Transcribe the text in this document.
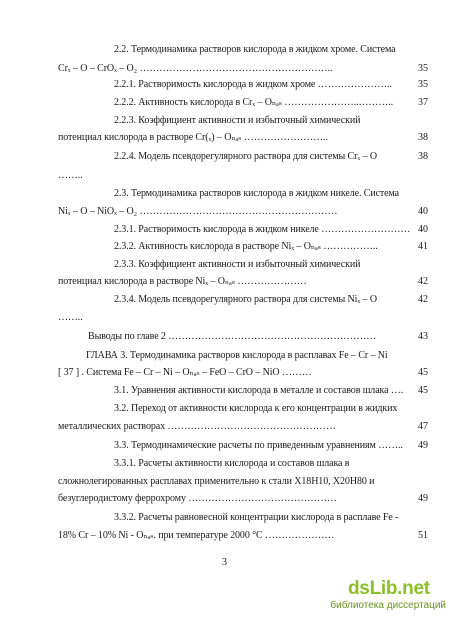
2.2. Термодинамика растворов кислорода в жидком хроме. Система
Crₓ – O – CrOₓ – O₂ …………………………………………………..	35
2.2.1. Растворимость кислорода в жидком хроме …………………..	35
2.2.2. Активность кислорода в Crₓ – Oₙₐₛ …………………..………..	37
2.2.3. Коэффициент активности и избыточный химический
потенциал кислорода в растворе Cr(ₓ) – Oₙₐₛ ……………………..	38
2.2.4. Модель псевдорегулярного раствора для системы Crₓ – O	38
……..
2.3. Термодинамика растворов кислорода в жидком никеле. Система
Niₓ – O – NiOₓ – O₂ ……………………………………………………	40
2.3.1. Растворимость кислорода в жидком никеле ……………………… 40
2.3.2. Активность кислорода в растворе Niₓ – Oₙₐₛ ……………..	41
2.3.3. Коэффициент активности и избыточный химический
потенциал кислорода в растворе Niₓ – Oₙₐₛ …………………	42
2.3.4. Модель псевдорегулярного раствора для системы Niₓ – O	42
……..
Выводы по главе 2 ………………………………………………………	43
ГЛАВА 3. Термодинамика растворов кислорода в расплавах Fe – Cr – Ni
[ 37 ] . Система Fe – Cr – Ni – Oₙₐₛ – FeO – CrO – NiO ………	45
3.1. Уравнения активности кислорода в металле и составов шлака ….	45
3.2. Переход от активности кислорода к его концентрации в жидких
металлических растворах ……………………………………………	47
3.3. Термодинамические расчеты по приведенным уравнениям ……..	49
3.3.1. Расчеты активности кислорода и составов шлака в
сложнолегированных расплавах применительно к стали Х18Н10, Х20Н80 и
безуглеродистому феррохрому ………………………………………	49
3.3.2. Расчеты равновесной концентрации кислорода в расплаве Fe -
18% Cr – 10% Ni - Oₙₐₛ. при температуре 2000 °C …………………	51
3
dsLib.net
библиотека диссертаций
